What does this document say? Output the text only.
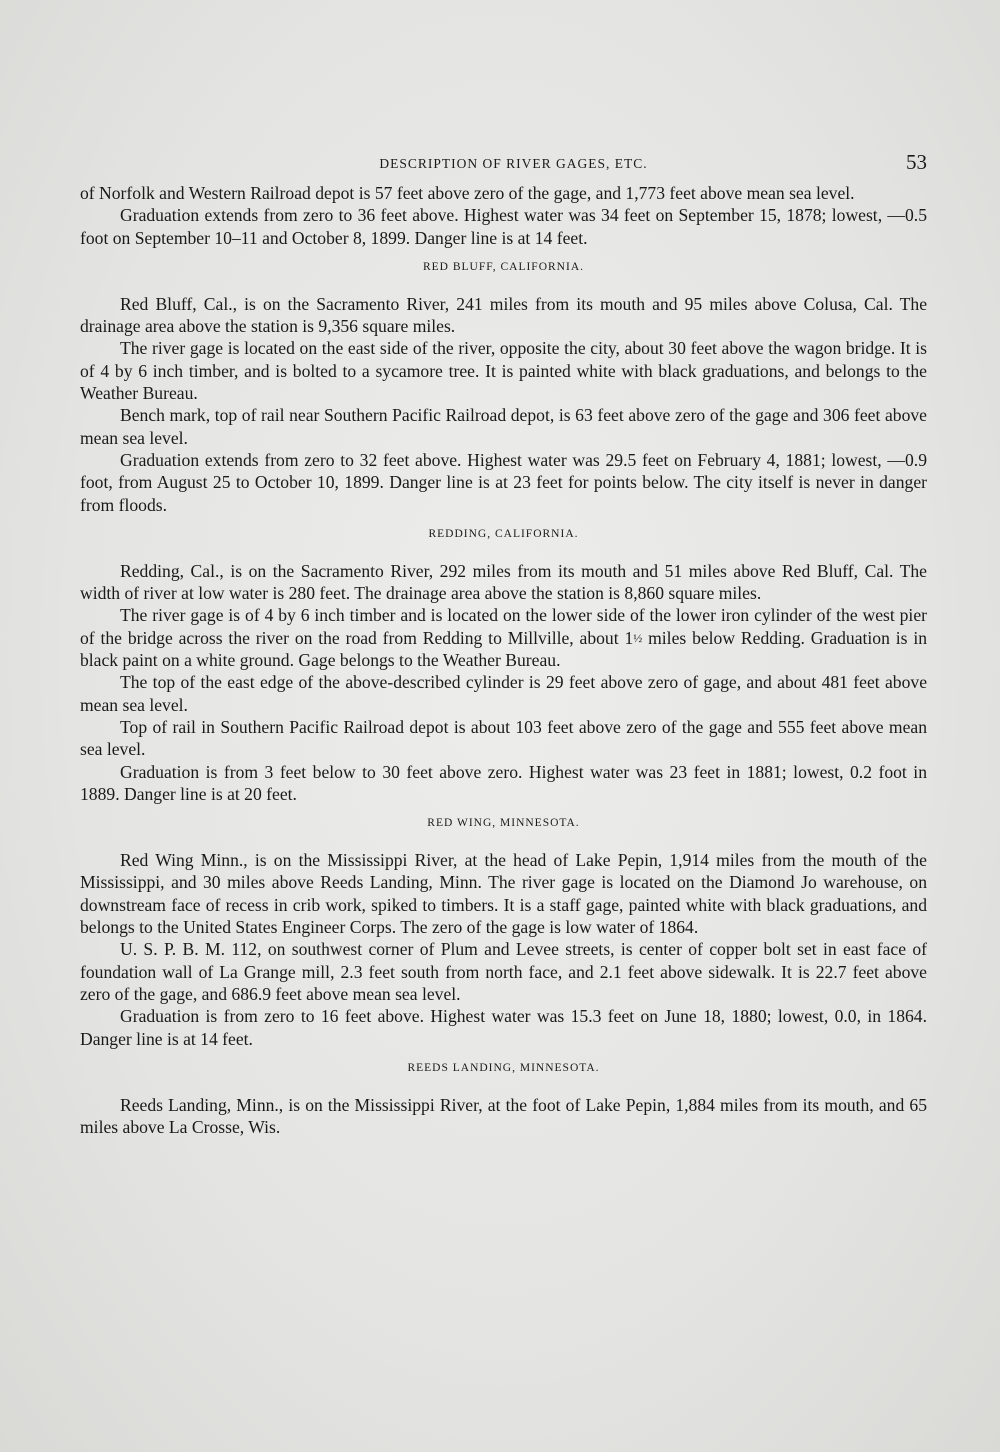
DESCRIPTION OF RIVER GAGES, ETC.	53

of Norfolk and Western Railroad depot is 57 feet above zero of the gage, and 1,773 feet above mean sea level.

Graduation extends from zero to 36 feet above. Highest water was 34 feet on September 15, 1878; lowest, —0.5 foot on September 10–11 and October 8, 1899. Danger line is at 14 feet.

RED BLUFF, CALIFORNIA.

Red Bluff, Cal., is on the Sacramento River, 241 miles from its mouth and 95 miles above Colusa, Cal. The drainage area above the station is 9,356 square miles.

The river gage is located on the east side of the river, opposite the city, about 30 feet above the wagon bridge. It is of 4 by 6 inch timber, and is bolted to a sycamore tree. It is painted white with black graduations, and belongs to the Weather Bureau.

Bench mark, top of rail near Southern Pacific Railroad depot, is 63 feet above zero of the gage and 306 feet above mean sea level.

Graduation extends from zero to 32 feet above. Highest water was 29.5 feet on February 4, 1881; lowest, —0.9 foot, from August 25 to October 10, 1899. Danger line is at 23 feet for points below. The city itself is never in danger from floods.

REDDING, CALIFORNIA.

Redding, Cal., is on the Sacramento River, 292 miles from its mouth and 51 miles above Red Bluff, Cal. The width of river at low water is 280 feet. The drainage area above the station is 8,860 square miles.

The river gage is of 4 by 6 inch timber and is located on the lower side of the lower iron cylinder of the west pier of the bridge across the river on the road from Redding to Millville, about 1½ miles below Redding. Graduation is in black paint on a white ground. Gage belongs to the Weather Bureau.

The top of the east edge of the above-described cylinder is 29 feet above zero of gage, and about 481 feet above mean sea level.

Top of rail in Southern Pacific Railroad depot is about 103 feet above zero of the gage and 555 feet above mean sea level.

Graduation is from 3 feet below to 30 feet above zero. Highest water was 23 feet in 1881; lowest, 0.2 foot in 1889. Danger line is at 20 feet.

RED WING, MINNESOTA.

Red Wing Minn., is on the Mississippi River, at the head of Lake Pepin, 1,914 miles from the mouth of the Mississippi, and 30 miles above Reeds Landing, Minn. The river gage is located on the Diamond Jo warehouse, on downstream face of recess in crib work, spiked to timbers. It is a staff gage, painted white with black graduations, and belongs to the United States Engineer Corps. The zero of the gage is low water of 1864.

U. S. P. B. M. 112, on southwest corner of Plum and Levee streets, is center of copper bolt set in east face of foundation wall of La Grange mill, 2.3 feet south from north face, and 2.1 feet above sidewalk. It is 22.7 feet above zero of the gage, and 686.9 feet above mean sea level.

Graduation is from zero to 16 feet above. Highest water was 15.3 feet on June 18, 1880; lowest, 0.0, in 1864. Danger line is at 14 feet.

REEDS LANDING, MINNESOTA.

Reeds Landing, Minn., is on the Mississippi River, at the foot of Lake Pepin, 1,884 miles from its mouth, and 65 miles above La Crosse, Wis.
